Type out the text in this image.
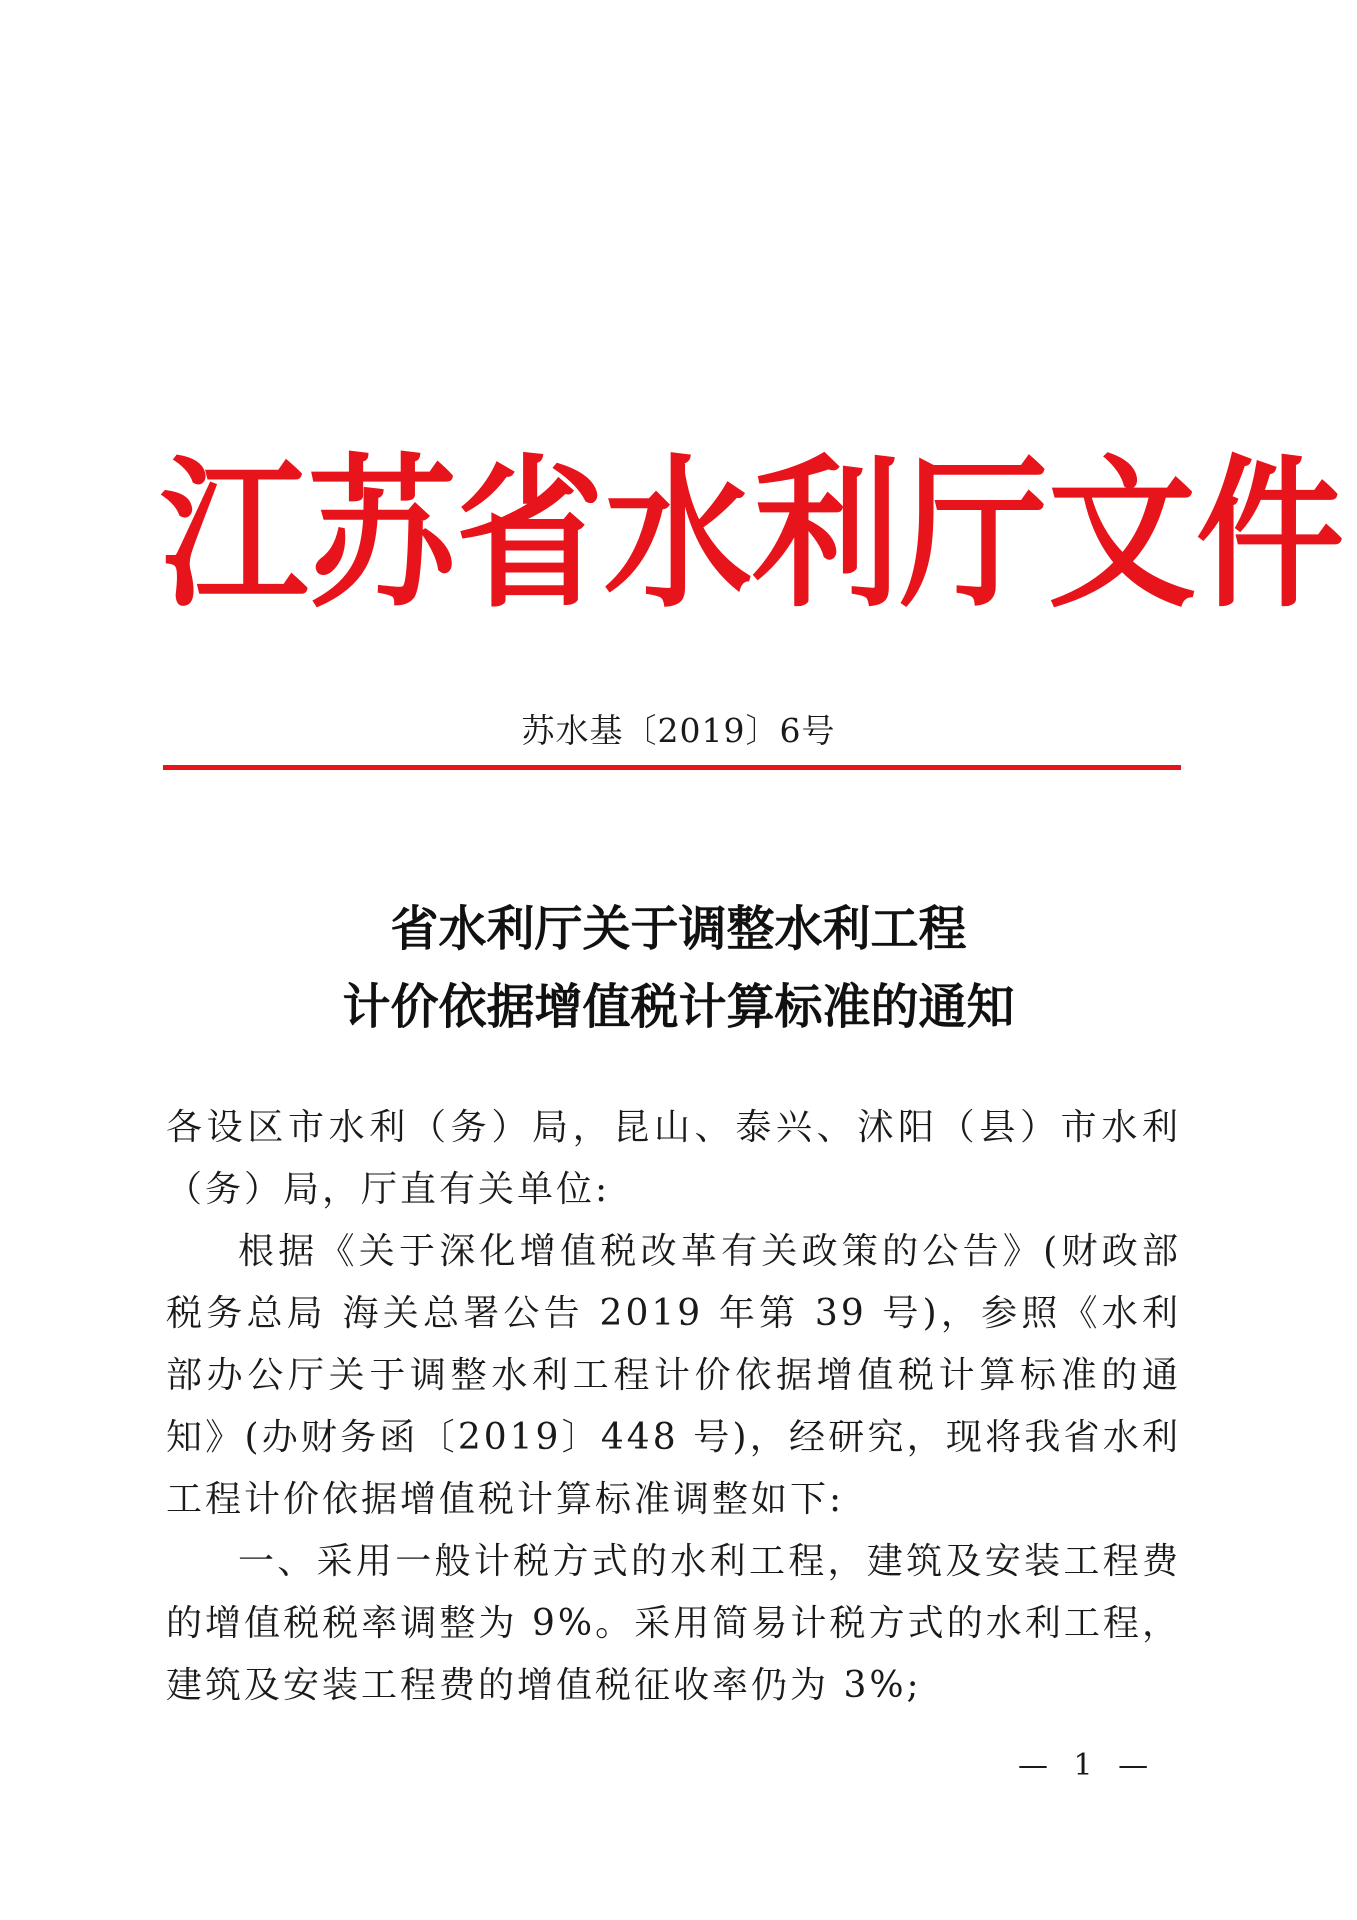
江 苏 省 水 利 厅 文 件
苏水基〔2019〕6号
省水利厅关于调整水利工程
计价依据增值税计算标准的通知

各设区市水利（务）局，昆山、泰兴、沭阳（县）市水利（务）局，厅直有关单位:

根据《关于深化增值税改革有关政策的公告》(财政部 税务总局 海关总署公告 2019 年第 39 号)，参照《水利部办公厅关于调整水利工程计价依据增值税计算标准的通知》(办财务函〔2019〕448 号)，经研究，现将我省水利工程计价依据增值税计算标准调整如下:

一、采用一般计税方式的水利工程，建筑及安装工程费的增值税税率调整为 9%。采用简易计税方式的水利工程，建筑及安装工程费的增值税征收率仍为 3%;

— 1 —
